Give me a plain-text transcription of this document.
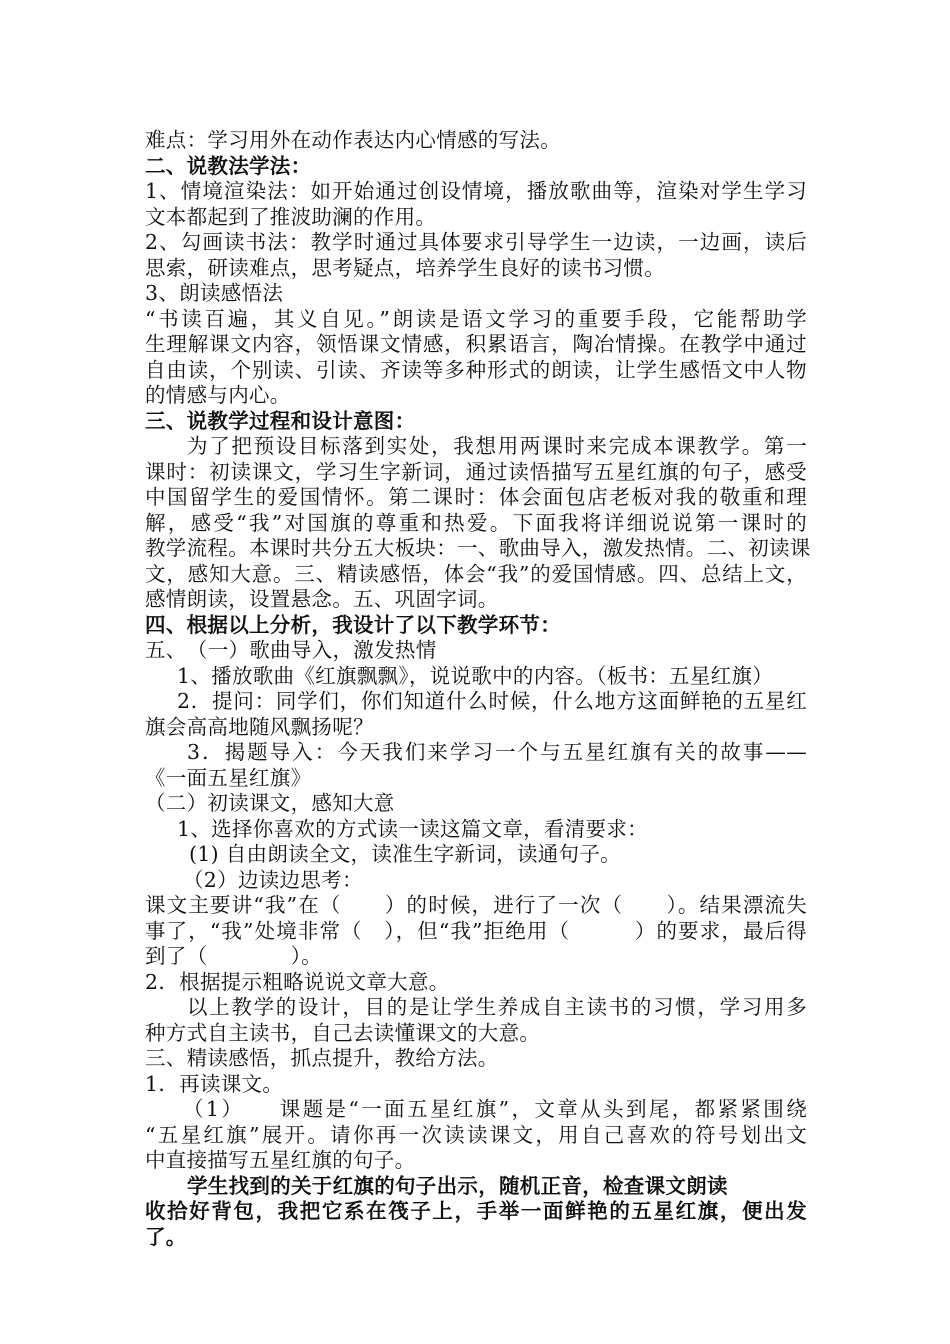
难点：学习用外在动作表达内心情感的写法。
二、说教法学法：
1、情境渲染法：如开始通过创设情境，播放歌曲等，渲染对学生学习
文本都起到了推波助澜的作用。
2、勾画读书法：教学时通过具体要求引导学生一边读，一边画，读后
思索，研读难点，思考疑点，培养学生良好的读书习惯。
3、朗读感悟法
“书读百遍，其义自见。”朗读是语文学习的重要手段，它能帮助学
生理解课文内容，领悟课文情感，积累语言，陶冶情操。在教学中通过
自由读，个别读、引读、齐读等多种形式的朗读，让学生感悟文中人物
的情感与内心。
三、说教学过程和设计意图：
为了把预设目标落到实处，我想用两课时来完成本课教学。第一
课时：初读课文，学习生字新词，通过读悟描写五星红旗的句子，感受
中国留学生的爱国情怀。第二课时：体会面包店老板对我的敬重和理
解，感受“我”对国旗的尊重和热爱。下面我将详细说说第一课时的
教学流程。本课时共分五大板块：一、歌曲导入，激发热情。二、初读课
文，感知大意。三、精读感悟，体会“我”的爱国情感。四、总结上文，
感情朗读，设置悬念。五、巩固字词。
四、根据以上分析，我设计了以下教学环节：
五、　（一）歌曲导入，激发热情
1、播放歌曲《红旗飘飘》，说说歌中的内容。（板书：五星红旗）
2．提问：同学们，你们知道什么时候，什么地方这面鲜艳的五星红
旗会高高地随风飘扬呢？
3．揭题导入：今天我们来学习一个与五星红旗有关的故事——
《一面五星红旗》
（二）初读课文，感知大意
1、选择你喜欢的方式读一读这篇文章，看清要求：
(1) 自由朗读全文，读准生字新词，读通句子。
（2）边读边思考：
课文主要讲“我”在（　　）的时候，进行了一次（　　）。结果漂流失
事了，“我”处境非常（　），但“我”拒绝用（　　　）的要求，最后得
到了（　　　　）。
2．根据提示粗略说说文章大意。
以上教学的设计，目的是让学生养成自主读书的习惯，学习用多
种方式自主读书，自己去读懂课文的大意。
三、精读感悟，抓点提升，教给方法。
1．再读课文。
（1）　　课题是“一面五星红旗”，文章从头到尾，都紧紧围绕
“五星红旗”展开。请你再一次读读课文，用自己喜欢的符号划出文
中直接描写五星红旗的句子。
学生找到的关于红旗的句子出示，随机正音，检查课文朗读
收拾好背包，我把它系在筏子上，手举一面鲜艳的五星红旗，便出发
了。
